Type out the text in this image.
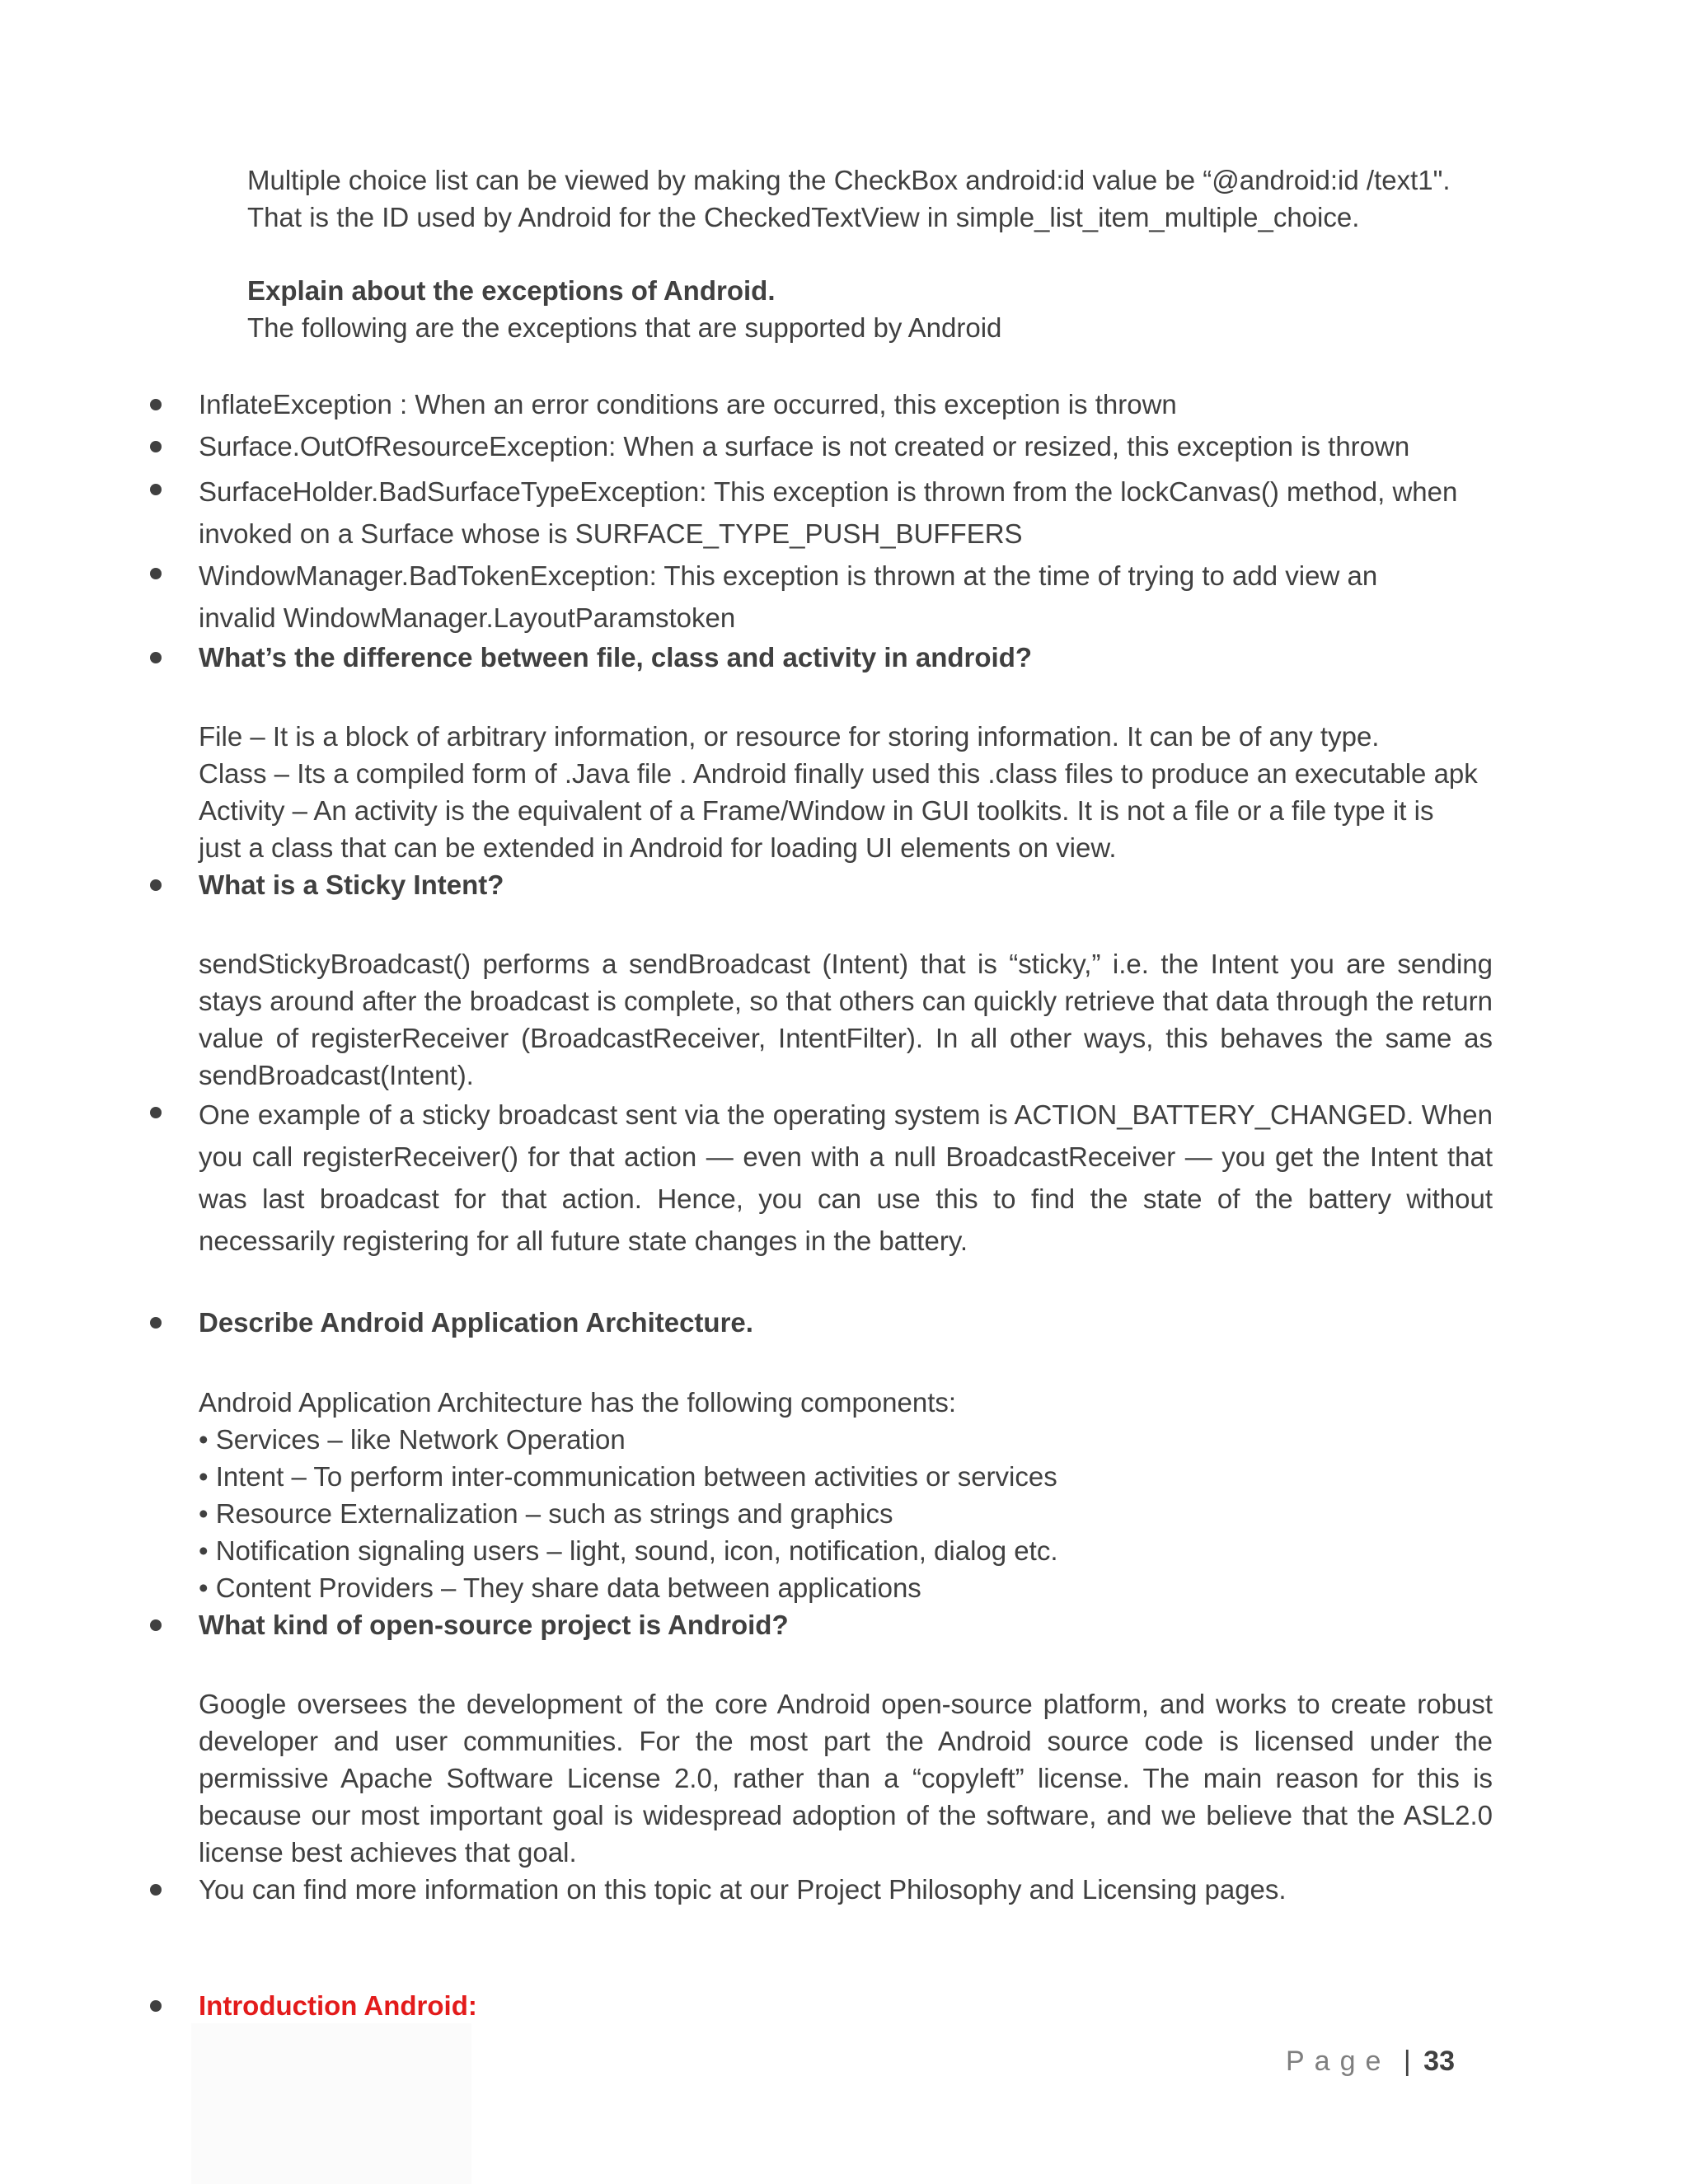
Multiple choice list can be viewed by making the CheckBox android:id value be “@android:id /text1".

That is the ID used by Android for the CheckedTextView in simple_list_item_multiple_choice.

Explain about the exceptions of Android.

The following are the exceptions that are supported by Android

InflateException : When an error conditions are occurred, this exception is thrown
Surface.OutOfResourceException: When a surface is not created or resized, this exception is thrown

SurfaceHolder.BadSurfaceTypeException: This exception is thrown from the lockCanvas() method, when

invoked on a Surface whose is SURFACE_TYPE_PUSH_BUFFERS

WindowManager.BadTokenException: This exception is thrown at the time of trying to add view an

invalid WindowManager.LayoutParamstoken

What’s the difference between file, class and activity in android?

File – It is a block of arbitrary information, or resource for storing information. It can be of any type.

Class – Its a compiled form of .Java file . Android finally used this .class files to produce an executable apk

Activity – An activity is the equivalent of a Frame/Window in GUI toolkits. It is not a file or a file type it is

just a class that can be extended in Android for loading UI elements on view.

What is a Sticky Intent?
sendStickyBroadcast() performs a sendBroadcast (Intent) that is “sticky,” i.e. the Intent you are sending stays around after the broadcast is complete, so that others can quickly retrieve that data through the return value of registerReceiver (BroadcastReceiver, IntentFilter). In all other ways, this behaves the same as sendBroadcast(Intent).
One example of a sticky broadcast sent via the operating system is ACTION_BATTERY_CHANGED. When you call registerReceiver() for that action — even with a null BroadcastReceiver — you get the Intent that was last broadcast for that action. Hence, you can use this to find the state of the battery without necessarily registering for all future state changes in the battery.
Describe Android Application Architecture.

Android Application Architecture has the following components:

• Services – like Network Operation

• Intent – To perform inter-communication between activities or services

• Resource Externalization – such as strings and graphics

• Notification signaling users – light, sound, icon, notification, dialog etc.

• Content Providers – They share data between applications

What kind of open-source project is Android?
Google oversees the development of the core Android open-source platform, and works to create robust developer and user communities. For the most part the Android source code is licensed under the permissive Apache Software License 2.0, rather than a “copyleft” license. The main reason for this is because our most important goal is widespread adoption of the software, and we believe that the ASL2.0 license best achieves that goal.
You can find more information on this topic at our Project Philosophy and Licensing pages.
Introduction Android:
Page | 33
